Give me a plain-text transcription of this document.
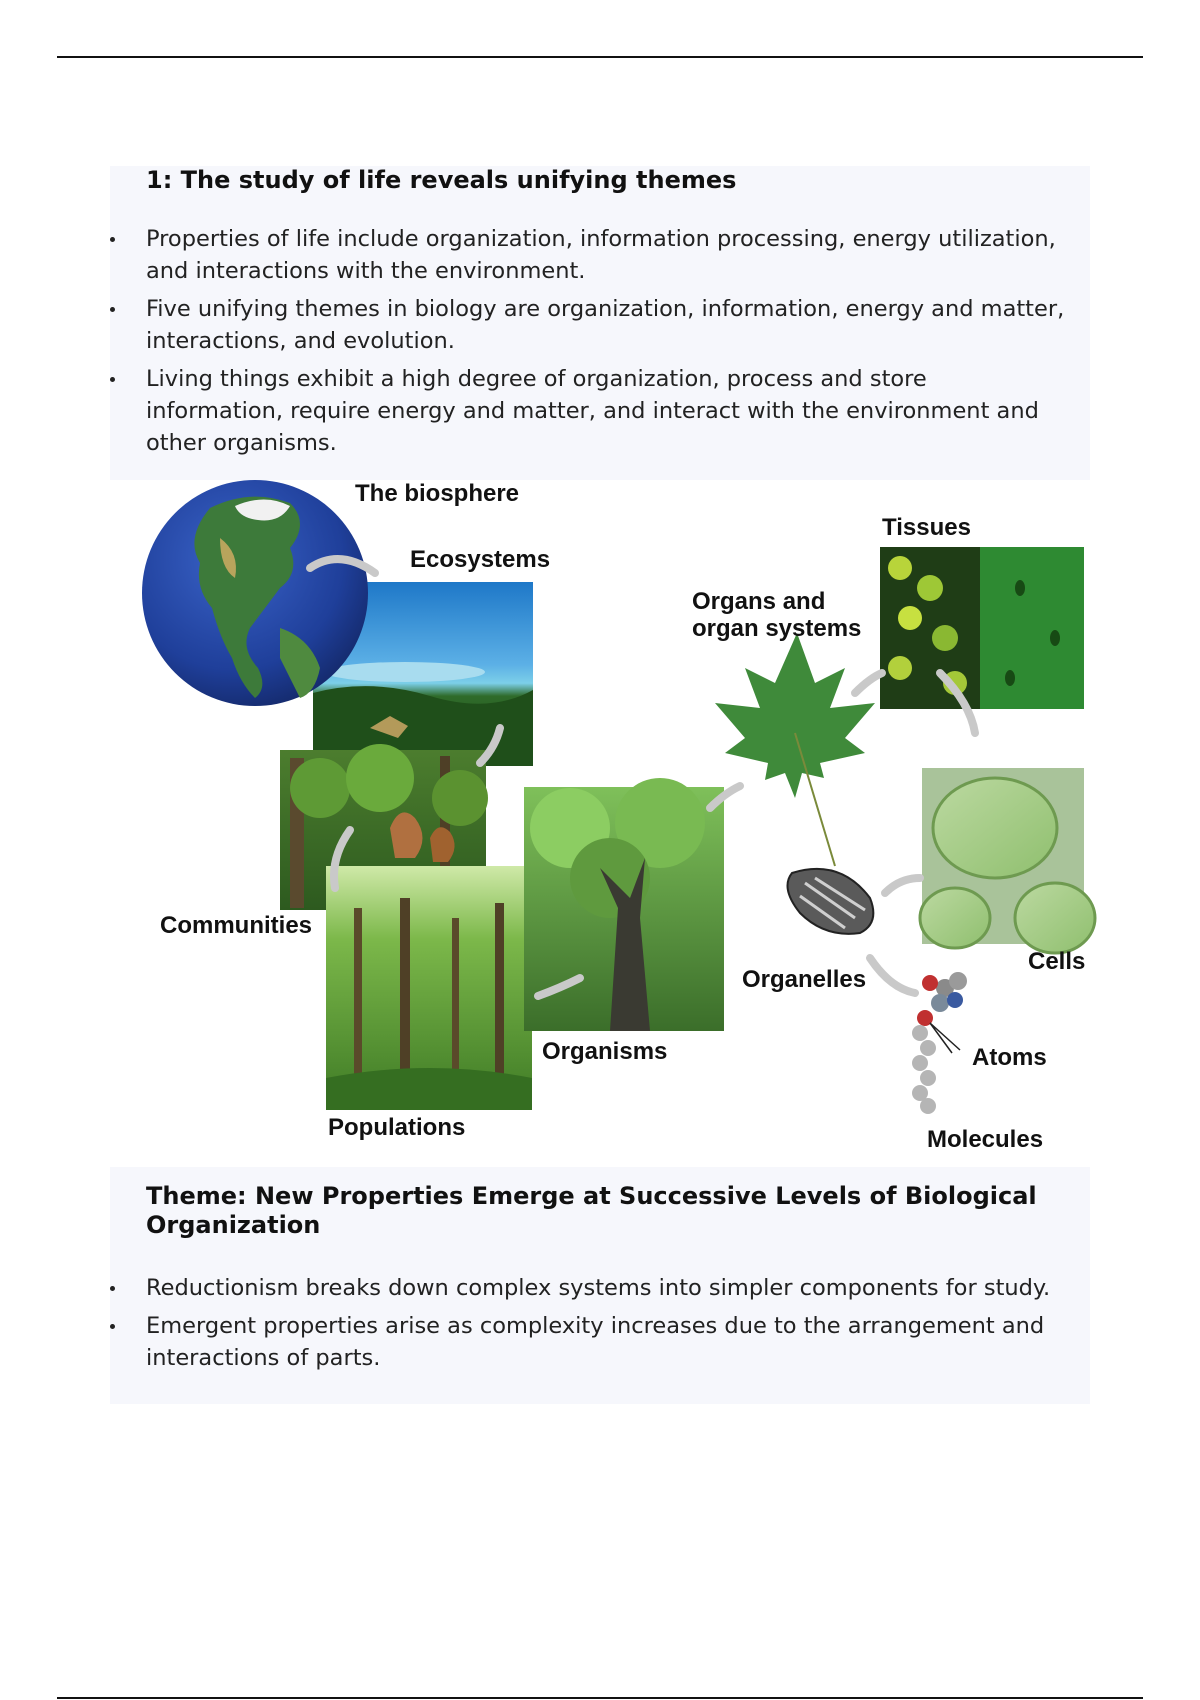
1: The study of life reveals unifying themes
Properties of life include organization, information processing, energy utilization, and interactions with the environment.
Five unifying themes in biology are organization, information, energy and matter, interactions, and evolution.
Living things exhibit a high degree of organization, process and store information, require energy and matter, and interact with the environment and other organisms.
The biosphere
Ecosystems
Communities
Populations
Organisms
Organs and
organ systems
Tissues
Cells
Organelles
Atoms
Molecules
Theme: New Properties Emerge at Successive Levels of Biological Organization
Reductionism breaks down complex systems into simpler components for study.
Emergent properties arise as complexity increases due to the arrangement and interactions of parts.
